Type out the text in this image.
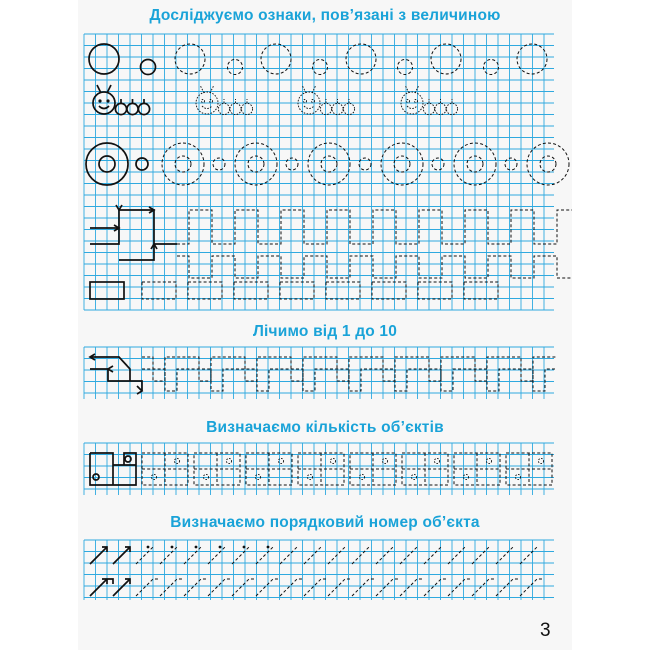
Досліджуємо ознаки, пов’язані з величиною
Лічимо від 1 до 10
Визначаємо кількість об’єктів
Визначаємо порядковий номер об’єкта
3
